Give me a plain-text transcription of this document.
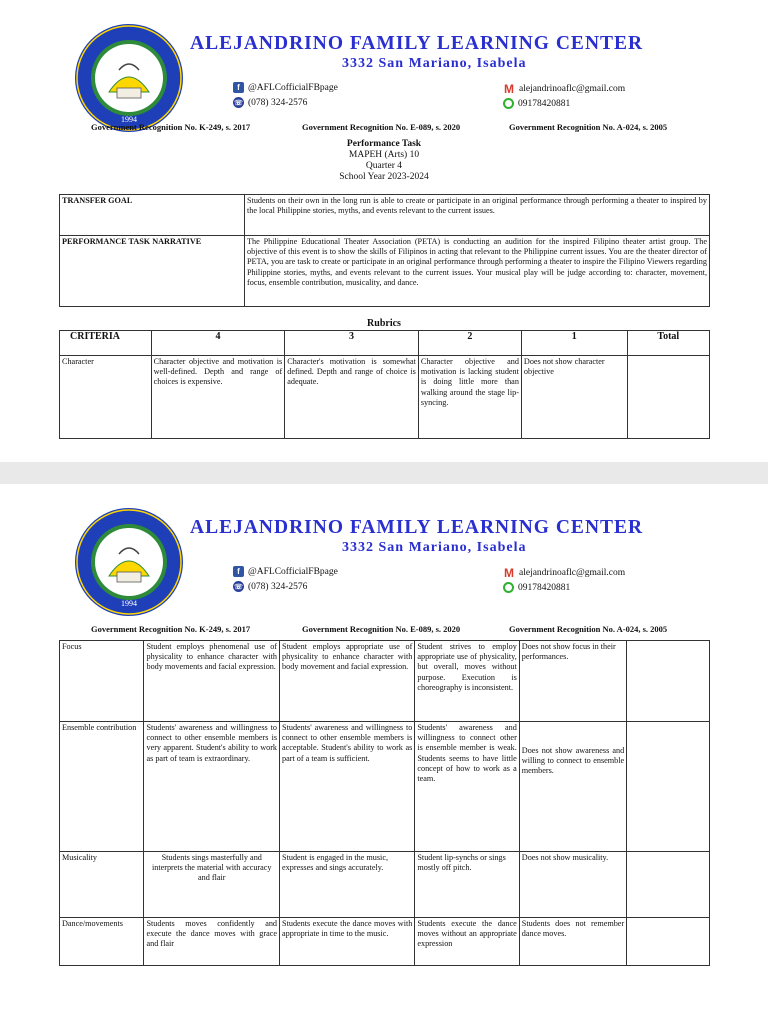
1994
ALEJANDRINO FAMILY LEARNING CENTER
3332 San Mariano, Isabela
f @AFLCofficialFBpage
☏ (078) 324-2576
M alejandrinoaflc@gmail.com
09178420881
Government Recognition No. K-249, s. 2017	Government Recognition No. E-089, s. 2020	Government Recognition No. A-024, s. 2005
Performance Task
MAPEH (Arts) 10
Quarter 4
School Year 2023-2024
TRANSFER GOAL	Students on their own in the long run is able to create or participate in an original performance through performing a theater to inspired by the local Philippine stories, myths, and events relevant to the current issues.
PERFORMANCE TASK NARRATIVE	The Philippine Educational Theater Association (PETA) is conducting an audition for the inspired Filipino theater artist group. The objective of this event is to show the skills of Filipinos in acting that relevant to the Philippine current issues. You are the theater director of PETA, you are task to create or participate in an original performance through performing a theater to inspire the Filipino Viewers regarding Philippine stories, myths, and events relevant to the current issues. Your musical play will be judge according to: character, movement, focus, ensemble contribution, musicality, and dance.
Rubrics
CRITERIA	4	3	2	1	Total
Character	Character objective and motivation is well-defined. Depth and range of choices is expensive.	Character's motivation is somewhat defined. Depth and range of choice is adequate.	Character objective and motivation is lacking student is doing little more than walking around the stage lip-syncing.	Does not show character objective	
1994
ALEJANDRINO FAMILY LEARNING CENTER
3332 San Mariano, Isabela
f @AFLCofficialFBpage
☏ (078) 324-2576
M alejandrinoaflc@gmail.com
09178420881
Government Recognition No. K-249, s. 2017	Government Recognition No. E-089, s. 2020	Government Recognition No. A-024, s. 2005
Focus	Student employs phenomenal use of physicality to enhance character with body movements and facial expression.	Student employs appropriate use of physicality to enhance character with body movement and facial expression.	Student strives to employ appropriate use of physicality, but overall, moves without purpose. Execution is choreography is inconsistent.	Does not show focus in their performances.	
Ensemble contribution	Students' awareness and willingness to connect to other ensemble members is very apparent. Student's ability to work as part of team is extraordinary.	Students' awareness and willingness to connect to other ensemble members is acceptable. Student's ability to work as part of a team is sufficient.	Students' awareness and willingness to connect other is ensemble member is weak. Students seems to have little concept of how to work as a team.	Does not show awareness and willing to connect to ensemble members.	
Musicality	Students sings masterfully and interprets the material with accuracy and flair	Student is engaged in the music, expresses and sings accurately.	Student lip-synchs or sings mostly off pitch.	Does not show musicality.	
Dance/movements	Students moves confidently and execute the dance moves with grace and flair	Students execute the dance moves with appropriate in time to the music.	Students execute the dance moves without an appropriate expression	Students does not remember dance moves.	
